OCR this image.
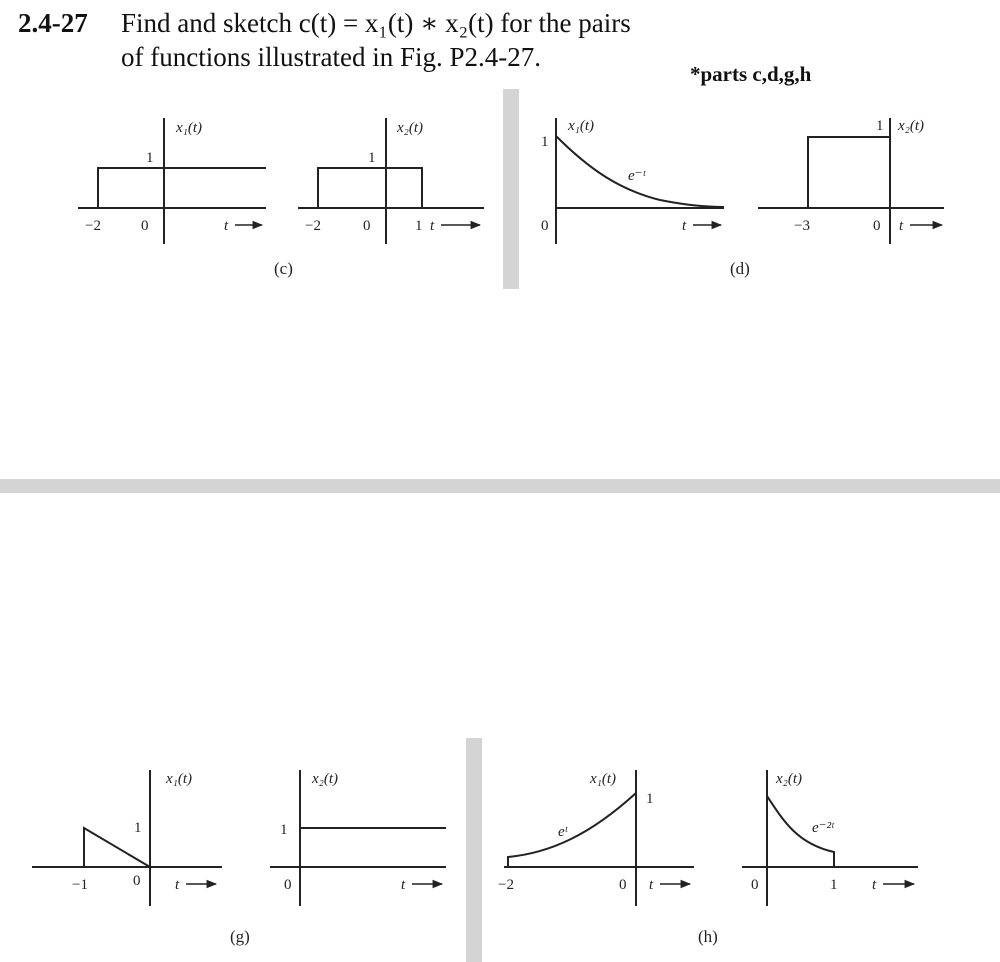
2.4-27 Find and sketch c(t) = x₁(t) ∗ x₂(t) for the pairs
of functions illustrated in Fig. P2.4-27.
*parts c,d,g,h
x₁(t)
1
−2	0	t
x₂(t)
1
−2	0	1 t
(c)
x₁(t)
1
e⁻ᵗ
0	t
x₂(t)
1
−3	0 t
(d)
x₁(t)
1
−1	0 t
x₂(t)
1
0	t
(g)
x₁(t)
1
eᵗ
−2	0 t
x₂(t)
e⁻²ᵗ
0	1 t
(h)
